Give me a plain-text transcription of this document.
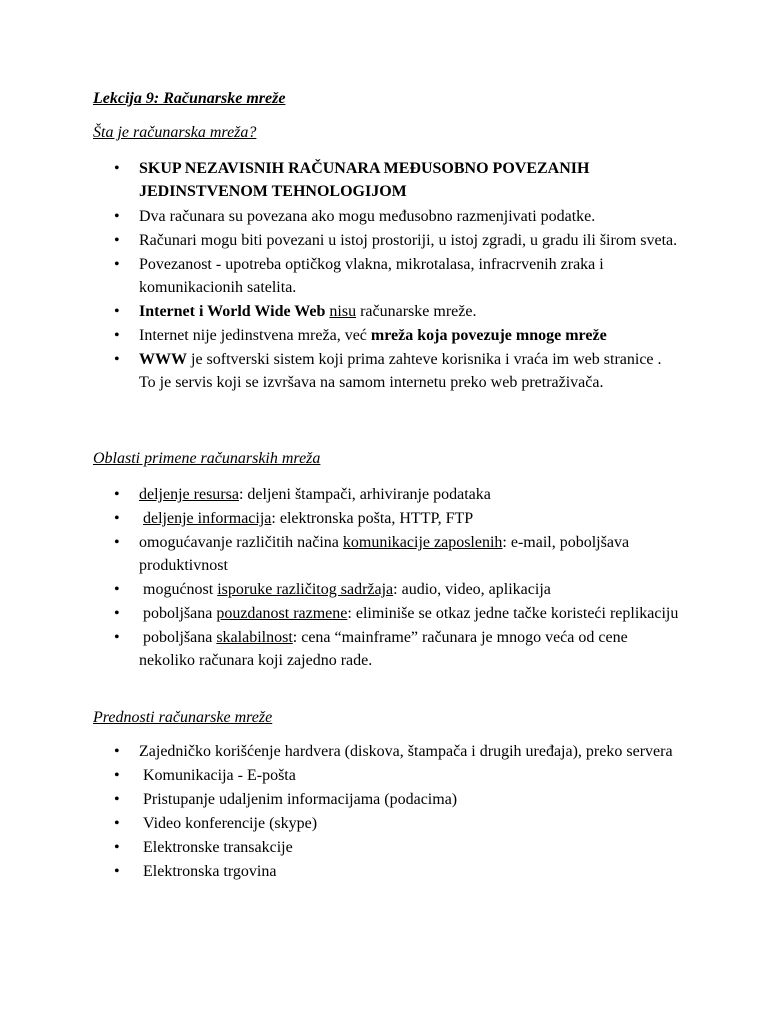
Lekcija 9: Računarske mreže
Šta je računarska mreža?
• SKUP NEZAVISNIH RAČUNARA MEĐUSOBNO POVEZANIH JEDINSTVENOM TEHNOLOGIJOM
• Dva računara su povezana ako mogu međusobno razmenjivati podatke.
• Računari mogu biti povezani u istoj prostoriji, u istoj zgradi, u gradu ili širom sveta.
• Povezanost - upotreba optičkog vlakna, mikrotalasa, infracrvenih zraka i komunikacionih satelita.
• Internet i World Wide Web nisu računarske mreže.
• Internet nije jedinstvena mreža, već mreža koja povezuje mnoge mreže
• WWW je softverski sistem koji prima zahteve korisnika i vraća im web stranice . To je servis koji se izvršava na samom internetu preko web pretraživača.
Oblasti primene računarskih mreža
• deljenje resursa: deljeni štampači, arhiviranje podataka
• deljenje informacija: elektronska pošta, HTTP, FTP
• omogućavanje različitih načina komunikacije zaposlenih: e-mail, poboljšava produktivnost
• mogućnost isporuke različitog sadržaja: audio, video, aplikacija
• poboljšana pouzdanost razmene: eliminiše se otkaz jedne tačke koristeći replikaciju
• poboljšana skalabilnost: cena “mainframe” računara je mnogo veća od cene nekoliko računara koji zajedno rade.
Prednosti računarske mreže
• Zajedničko korišćenje hardvera (diskova, štampača i drugih uređaja), preko servera
• Komunikacija - E-pošta
• Pristupanje udaljenim informacijama (podacima)
• Video konferencije (skype)
• Elektronske transakcije
• Elektronska trgovina
